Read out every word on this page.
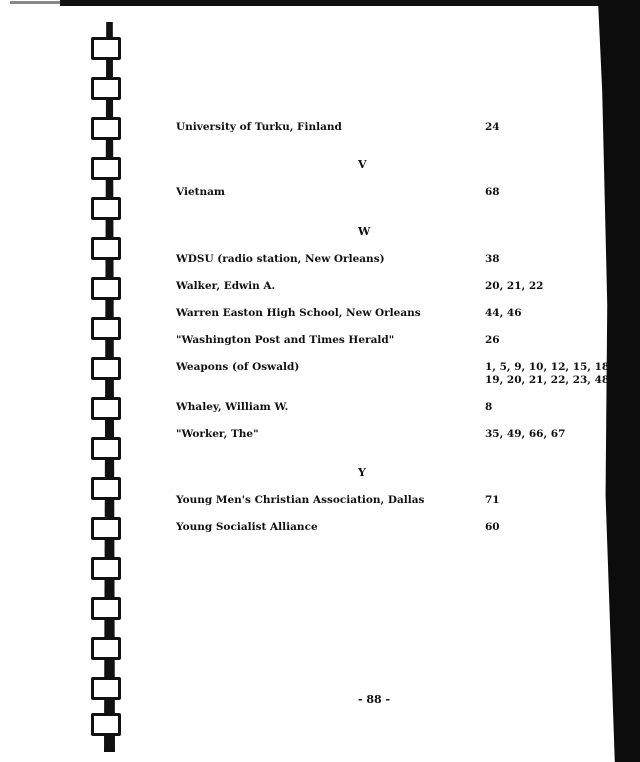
University of Turku, Finland	24
V
Vietnam	68
W
WDSU (radio station, New Orleans)	38
Walker, Edwin A.	20, 21, 22
Warren Easton High School, New Orleans	44, 46
"Washington Post and Times Herald"	26
Weapons (of Oswald)	1, 5, 9, 10, 12, 15, 18,
19, 20, 21, 22, 23, 48
Whaley, William W.	8
"Worker, The"	35, 49, 66, 67
Y
Young Men's Christian Association, Dallas	71
Young Socialist Alliance	60
- 88 -
